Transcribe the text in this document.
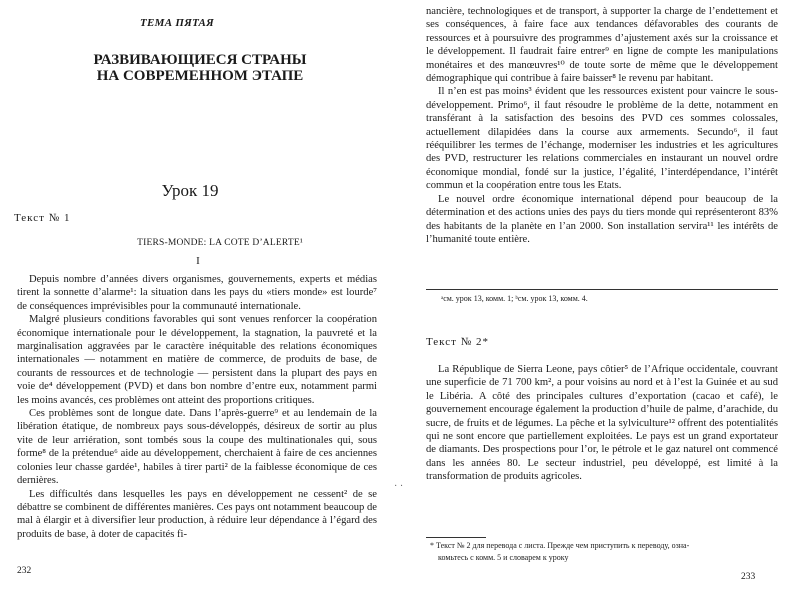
ТЕМА ПЯТАЯ
РАЗВИВАЮЩИЕСЯ СТРАНЫ
НА СОВРЕМЕННОМ ЭТАПЕ
Урок 19
Текст № 1
TIERS-MONDE: LA COTE D’ALERTE¹
I

Depuis nombre d’années divers organismes, gouvernements, experts et médias tirent la sonnette d’alarme¹: la situation dans les pays du «tiers monde» est lourde⁷ de conséquences imprévisibles pour la communauté internationale.

Malgré plusieurs conditions favorables qui sont venues renforcer la coopération économique internationale pour le développement, la stagnation, la pauvreté et la marginalisation aggravées par le caractère inéquitable des relations économiques internationales — notamment en matière de commerce, de produits de base, de courants de ressources et de technologie — persistent dans la plupart des pays en voie de⁴ développement (PVD) et dans bon nombre d’entre eux, notamment parmi les moins avancés, ces problèmes ont atteint des proportions critiques.

Ces problèmes sont de longue date. Dans l’après-guerre⁹ et au lendemain de la libération étatique, de nombreux pays sous-développés, désireux de sortir au plus vite de leur arriération, sont tombés sous la coupe des multinationales qui, sous forme⁸ de la prétendue⁶ aide au développement, cherchaient à faire de ces anciennes colonies leur chasse gardée¹, habiles à tirer parti² de la faiblesse économique de ces dernières.

Les difficultés dans lesquelles les pays en développement ne cessent² de se débattre se combinent de différentes manières. Ces pays ont notamment beaucoup de mal à élargir et à diversifier leur production, à réduire leur dépendance à l’égard des produits de base, à doter de capacités fi-

232

nancière, technologiques et de transport, à supporter la charge de l’endettement et ses conséquences, à faire face aux tendances défavorables des courants de ressources et à poursuivre des programmes d’ajustement axés sur la croissance et le développement. Il faudrait faire entrer⁹ en ligne de compte les manipulations monétaires et des manœuvres¹⁰ de toute sorte de même que le développement démographique qui contribue à faire baisser⁸ le revenu par habitant.

Il n’en est pas moins³ évident que les ressources existent pour vaincre le sous-développement. Primo⁶, il faut résoudre le problème de la dette, notamment en transférant à la satisfaction des besoins des PVD ces sommes colossales, actuellement dilapidées dans la course aux armements. Secundo⁶, il faut rééquilibrer les termes de l’échange, moderniser les industries et les agricultures des PVD, restructurer les relations commerciales en instaurant un nouvel ordre économique mondial, fondé sur la justice, l’égalité, l’interdépendance, l’intérêt commun et la coopération entre tous les Etats.

Le nouvel ordre économique international dépend pour beaucoup de la détermination et des actions unies des pays du tiers monde qui représenteront 83% des habitants de la planète en l’an 2000. Son installation servira¹¹ les intérêts de l’humanité toute entière.

ᵃсм. урок 13, комм. 1; ᵇсм. урок 13, комм. 4.
Текст № 2*

La République de Sierra Leone, pays côtier⁵ de l’Afrique occidentale, couvrant une superficie de 71 700 km², a pour voisins au nord et à l’est la Guinée et au sud le Libéria. A côté des principales cultures d’exportation (cacao et café), le gouvernement encourage également la production d’huile de palme, d’arachide, du sucre, de fruits et de légumes. La pêche et la sylviculture¹² offrent des potentialités qui ne sont encore que partiellement exploitées. Le pays est un grand exportateur de diamants. Des prospections pour l’or, le pétrole et le gaz naturel ont commencé dans les années 80. Le secteur industriel, peu développé, est limité à la transformation de produits agricoles.

· ·
* Текст № 2 для перевода с листа. Прежде чем приступить к переводу, озна-
комьтесь с комм. 5 и словарем к уроку
233
